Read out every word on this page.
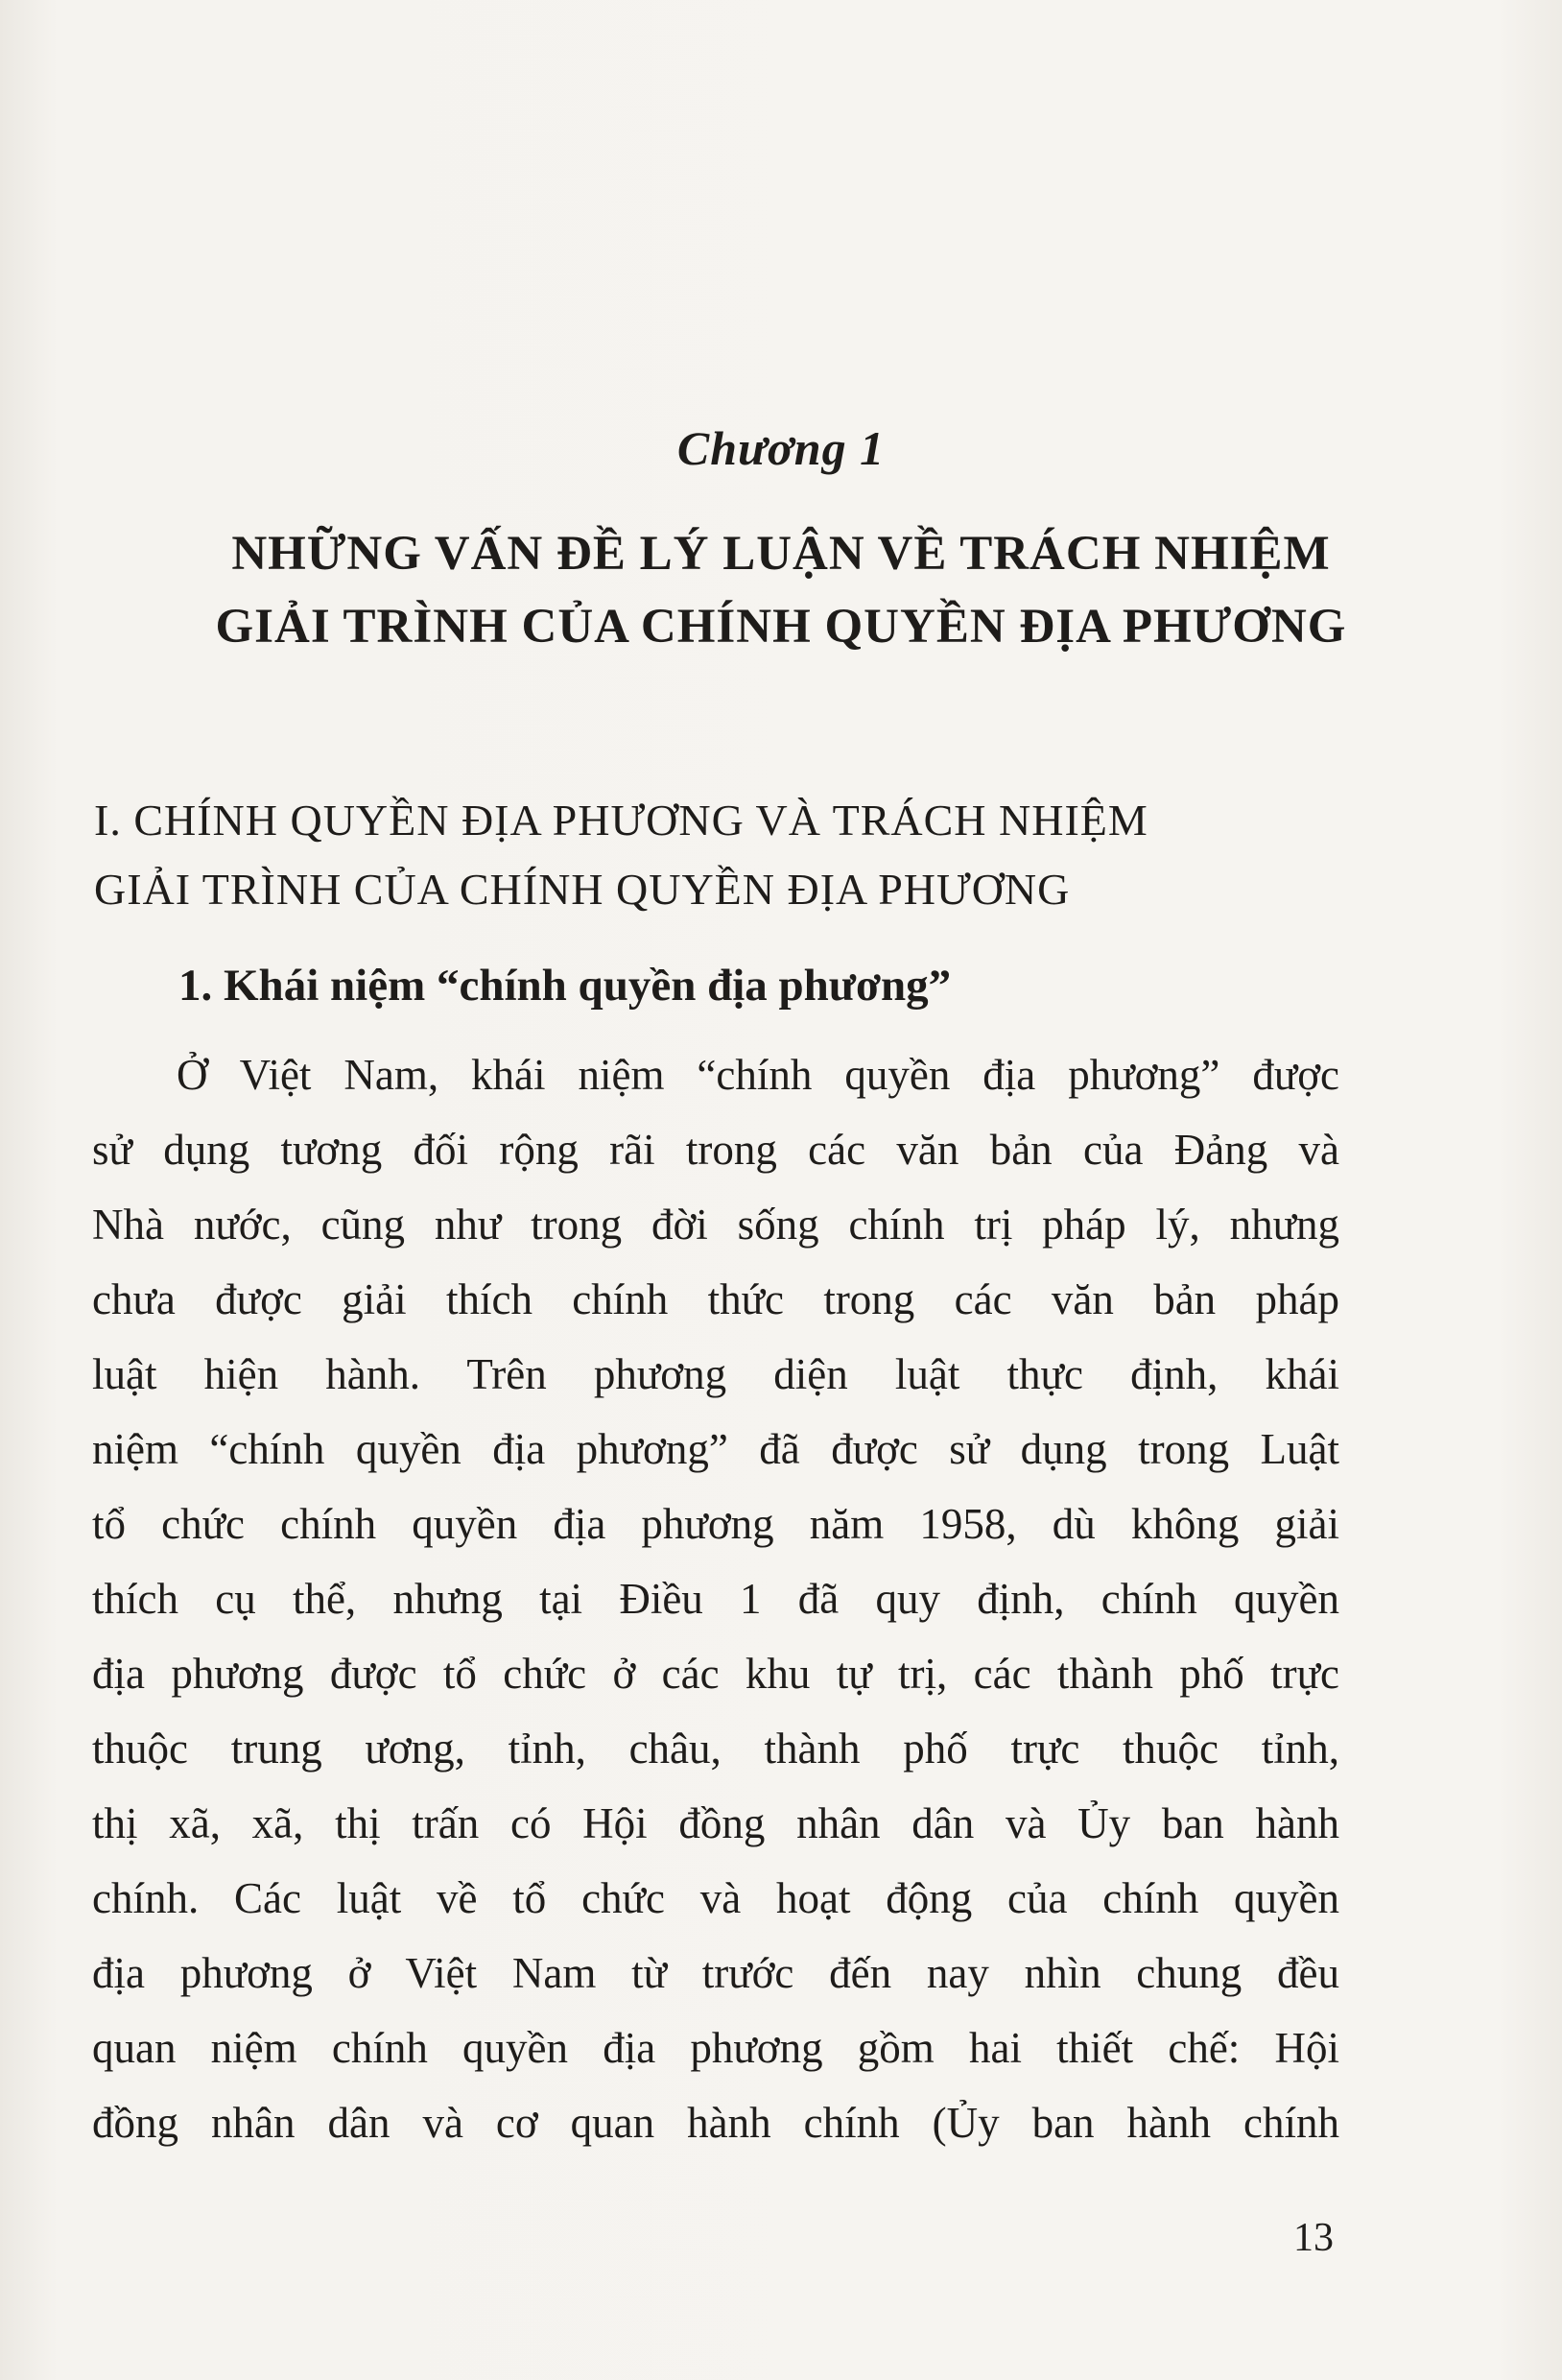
Chương 1
NHỮNG VẤN ĐỀ LÝ LUẬN VỀ TRÁCH NHIỆM
GIẢI TRÌNH CỦA CHÍNH QUYỀN ĐỊA PHƯƠNG
I. CHÍNH QUYỀN ĐỊA PHƯƠNG VÀ TRÁCH NHIỆM
GIẢI TRÌNH CỦA CHÍNH QUYỀN ĐỊA PHƯƠNG
1. Khái niệm “chính quyền địa phương”
Ở Việt Nam, khái niệm “chính quyền địa phương” được
sử dụng tương đối rộng rãi trong các văn bản của Đảng và
Nhà nước, cũng như trong đời sống chính trị pháp lý, nhưng
chưa được giải thích chính thức trong các văn bản pháp
luật hiện hành. Trên phương diện luật thực định, khái
niệm “chính quyền địa phương” đã được sử dụng trong Luật
tổ chức chính quyền địa phương năm 1958, dù không giải
thích cụ thể, nhưng tại Điều 1 đã quy định, chính quyền
địa phương được tổ chức ở các khu tự trị, các thành phố trực
thuộc trung ương, tỉnh, châu, thành phố trực thuộc tỉnh,
thị xã, xã, thị trấn có Hội đồng nhân dân và Ủy ban hành
chính. Các luật về tổ chức và hoạt động của chính quyền
địa phương ở Việt Nam từ trước đến nay nhìn chung đều
quan niệm chính quyền địa phương gồm hai thiết chế: Hội
đồng nhân dân và cơ quan hành chính (Ủy ban hành chính
13
